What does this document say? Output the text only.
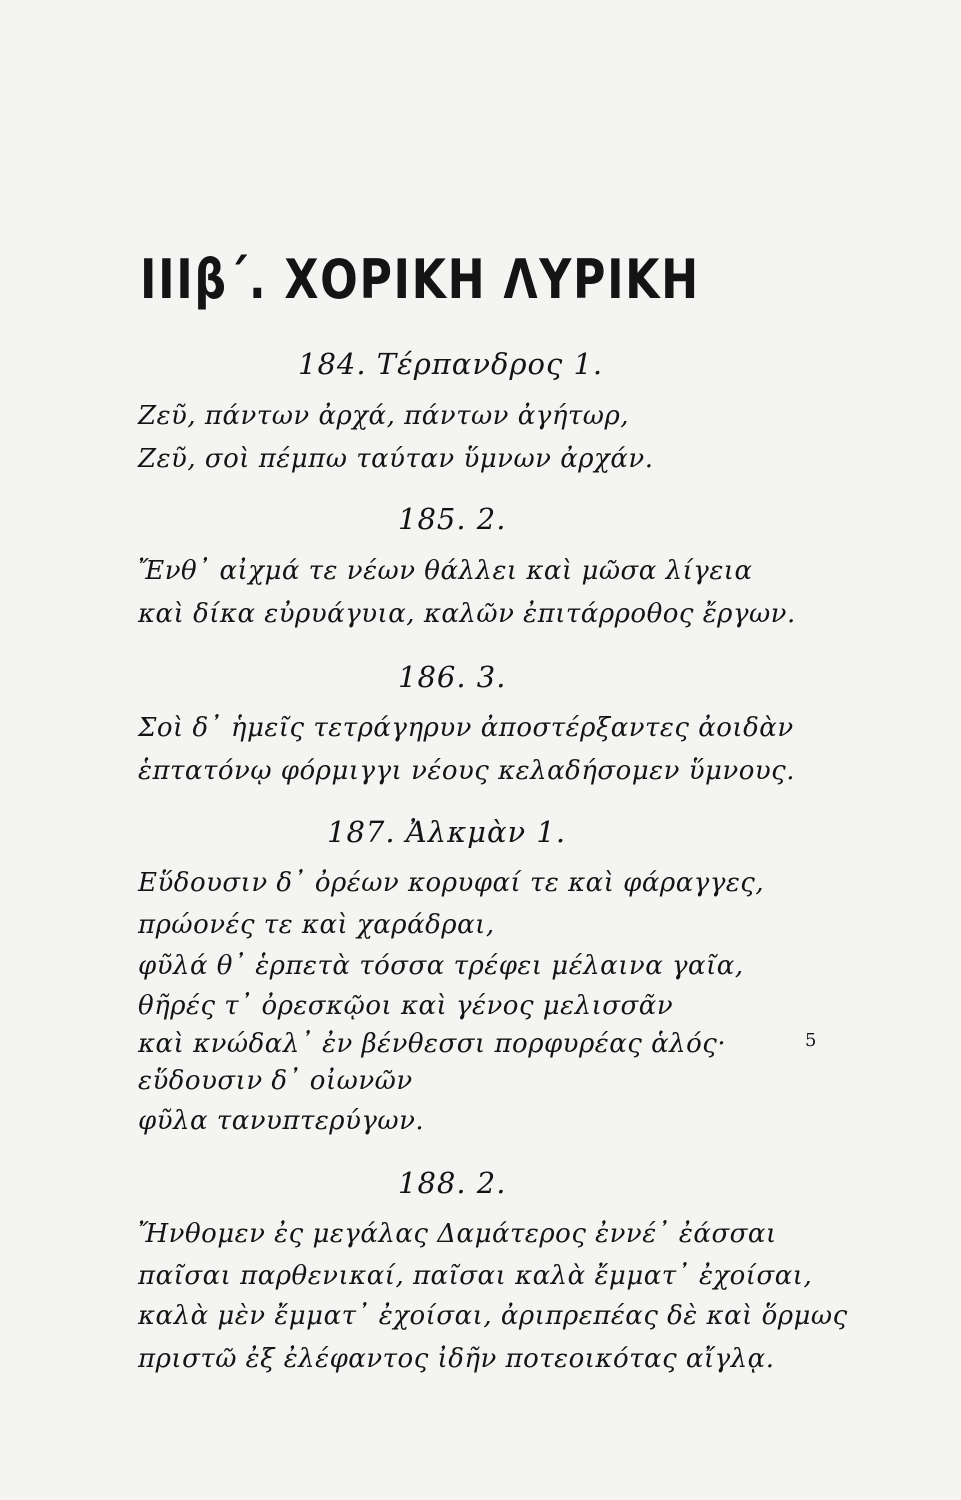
IIIβ΄. ΧΟΡΙΚΗ ΛΥΡΙΚΗ
184. Τέρπανδρος 1.
Ζεῦ, πάντων ἀρχά, πάντων ἀγήτωρ,
Ζεῦ, σοὶ πέμπω ταύταν ὕμνων ἀρχάν.
185. 2.
Ἔνθ᾽ αἰχμά τε νέων θάλλει καὶ μῶσα λίγεια
καὶ δίκα εὐρυάγυια, καλῶν ἐπιτάρροθος ἔργων.
186. 3.
Σοὶ δ᾽ ἡμεῖς τετράγηρυν ἀποστέρξαντες ἀοιδὰν
ἑπτατόνῳ φόρμιγγι νέους κελαδήσομεν ὕμνους.
187. Ἀλκμὰν 1.
Εὕδουσιν δ᾽ ὀρέων κορυφαί τε καὶ φάραγγες,
πρώονές τε καὶ χαράδραι,
φῦλά θ᾽ ἑρπετὰ τόσσα τρέφει μέλαινα γαῖα,
θῆρές τ᾽ ὀρεσκῷοι καὶ γένος μελισσᾶν
καὶ κνώδαλ᾽ ἐν βένθεσσι πορφυρέας ἁλός·
εὕδουσιν δ᾽ οἰωνῶν
φῦλα τανυπτερύγων.
5
188. 2.
Ἤνθομεν ἐς μεγάλας Δαμάτερος ἐννέ᾽ ἐάσσαι
παῖσαι παρθενικαί, παῖσαι καλὰ ἔμματ᾽ ἐχοίσαι,
καλὰ μὲν ἔμματ᾽ ἐχοίσαι, ἀριπρεπέας δὲ καὶ ὅρμως
πριστῶ ἐξ ἐλέφαντος ἰδῆν ποτεοικότας αἴγλᾳ.
